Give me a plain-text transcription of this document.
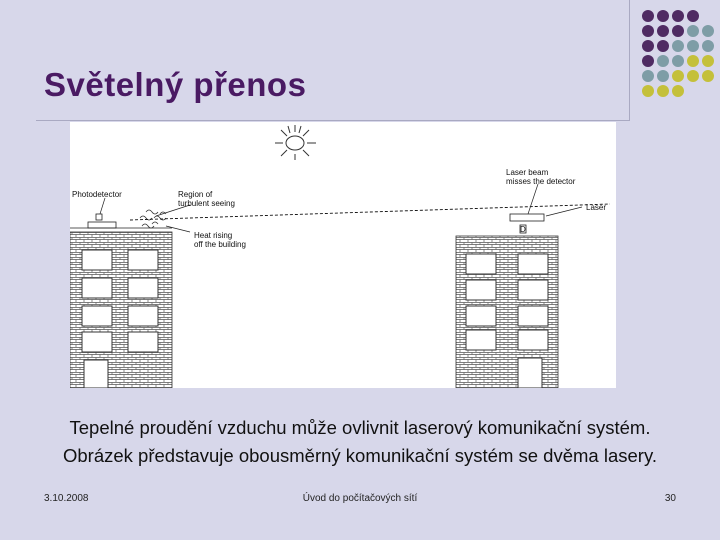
Světelný přenos
Photodetector	Region of
turbulent seeing
Heat rising
off the building
Laser beam
misses the detector
Laser
D
Tepelné proudění vzduchu může ovlivnit laserový komunikační systém.
Obrázek představuje obousměrný komunikační systém se dvěma lasery.
3.10.2008	Úvod do počítačových sítí	30
